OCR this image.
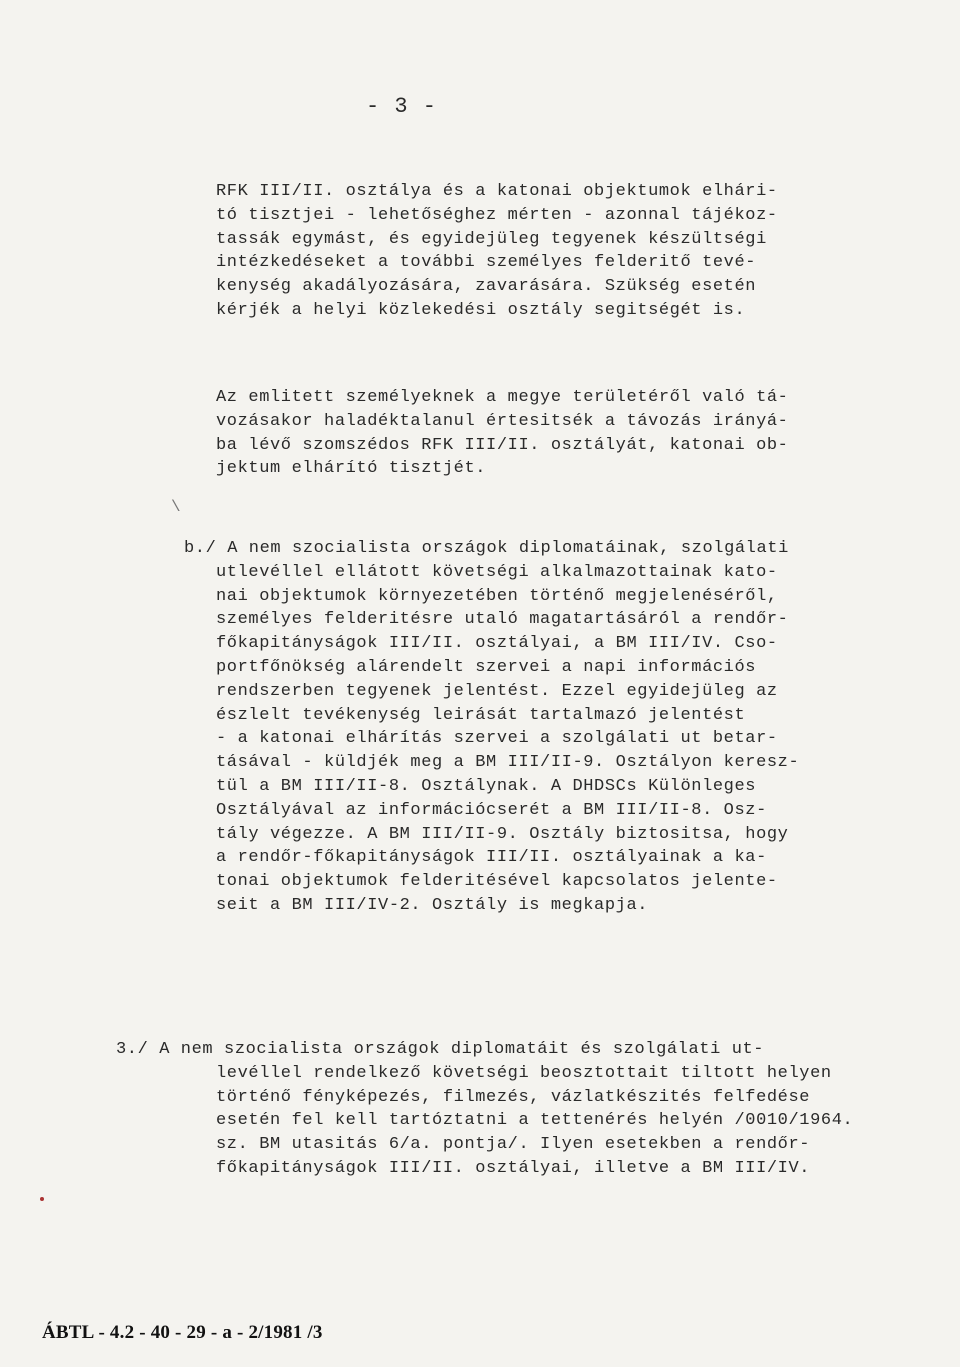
- 3 -
RFK III/II. osztálya és a katonai objektumok elhári-
tó tisztjei - lehetőséghez mérten - azonnal tájékoz-
tassák egymást, és egyidejüleg tegyenek készültségi
intézkedéseket a további személyes felderitő tevé-
kenység akadályozására, zavarására. Szükség esetén
kérjék a helyi közlekedési osztály segitségét is.
Az emlitett személyeknek a megye területéről való tá-
vozásakor haladéktalanul értesitsék a távozás irányá-
ba lévő szomszédos RFK III/II. osztályát, katonai ob-
jektum elhárító tisztjét.
b./ A nem szocialista országok diplomatáinak, szolgálati
utlevéllel ellátott követségi alkalmazottainak kato-
nai objektumok környezetében történő megjelenéséről,
személyes felderitésre utaló magatartásáról a rendőr-
főkapitányságok III/II. osztályai, a BM III/IV. Cso-
portfőnökség alárendelt szervei a napi információs
rendszerben tegyenek jelentést. Ezzel egyidejüleg az
észlelt tevékenység leirását tartalmazó jelentést
- a katonai elhárítás szervei a szolgálati ut betar-
tásával - küldjék meg a BM III/II-9. Osztályon keresz-
tül a BM III/II-8. Osztálynak. A DHDSCs Különleges
Osztályával az információcserét a BM III/II-8. Osz-
tály végezze. A BM III/II-9. Osztály biztositsa, hogy
a rendőr-főkapitányságok III/II. osztályainak a ka-
tonai objektumok felderitésével kapcsolatos jelente-
seit a BM III/IV-2. Osztály is megkapja.
3./ A nem szocialista országok diplomatáit és szolgálati ut-
levéllel rendelkező követségi beosztottait tiltott helyen
történő fényképezés, filmezés, vázlatkészités felfedése
esetén fel kell tartóztatni a tettenérés helyén /0010/1964.
sz. BM utasitás 6/a. pontja/. Ilyen esetekben a rendőr-
főkapitányságok III/II. osztályai, illetve a BM III/IV.
\
ÁBTL - 4.2 - 40 - 29 - a - 2/1981 /3
